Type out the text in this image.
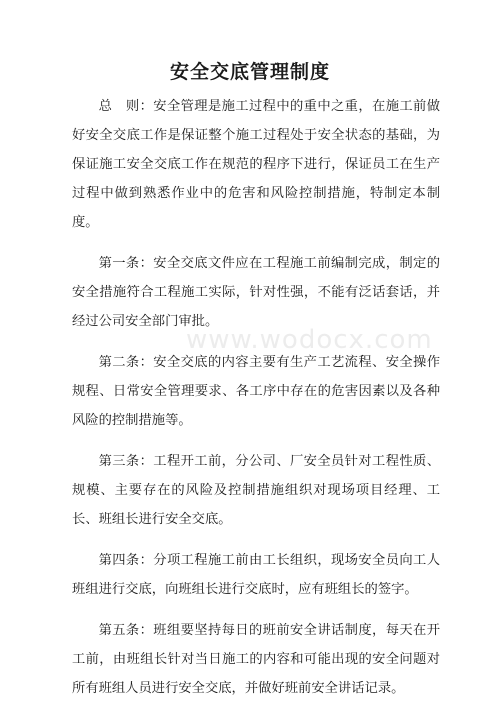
安全交底管理制度

总　则：安全管理是施工过程中的重中之重，在施工前做好安全交底工作是保证整个施工过程处于安全状态的基础，为保证施工安全交底工作在规范的程序下进行，保证员工在生产过程中做到熟悉作业中的危害和风险控制措施，特制定本制度。

第一条：安全交底文件应在工程施工前编制完成，制定的安全措施符合工程施工实际，针对性强，不能有泛话套话，并经过公司安全部门审批。

第二条：安全交底的内容主要有生产工艺流程、安全操作规程、日常安全管理要求、各工序中存在的危害因素以及各种风险的控制措施等。

第三条：工程开工前，分公司、厂安全员针对工程性质、规模、主要存在的风险及控制措施组织对现场项目经理、工长、班组长进行安全交底。

第四条：分项工程施工前由工长组织，现场安全员向工人班组进行交底，向班组长进行交底时，应有班组长的签字。

第五条：班组要坚持每日的班前安全讲话制度，每天在开工前，由班组长针对当日施工的内容和可能出现的安全问题对所有班组人员进行安全交底，并做好班前安全讲话记录。

www.wodocx.com
